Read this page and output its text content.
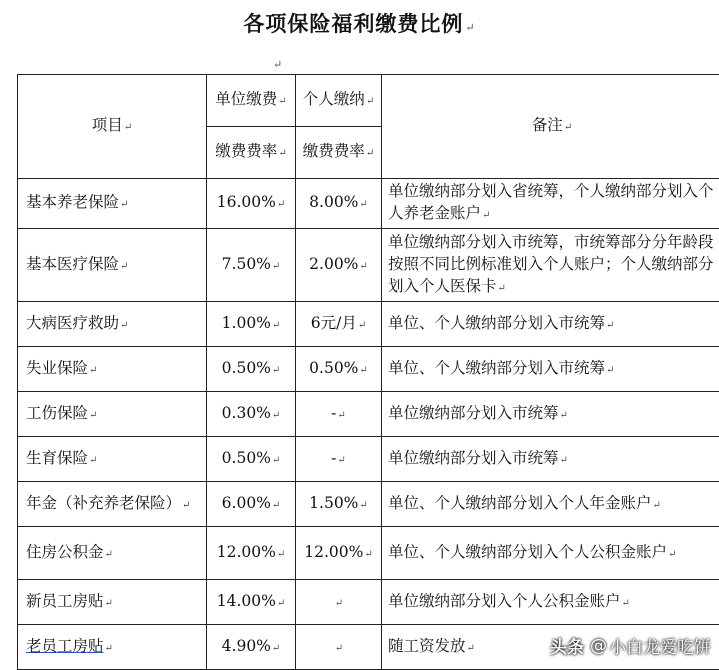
各项保险福利缴费比例 ↵
↵
项目↵	单位缴费↵	个人缴纳↵	备注↵
	缴费费率↵	缴费费率↵	
基本养老保险↵	16.00%↵	8.00%↵	单位缴纳部分划入省统筹，个人缴纳部分划入个人养老金账户↵
基本医疗保险↵	7.50%↵	2.00%↵	单位缴纳部分划入市统筹，市统筹部分分年龄段按照不同比例标准划入个人账户；个人缴纳部分划入个人医保卡↵
大病医疗救助↵	1.00%↵	6元/月↵	单位、个人缴纳部分划入市统筹↵
失业保险↵	0.50%↵	0.50%↵	单位、个人缴纳部分划入市统筹↵
工伤保险↵	0.30%↵	-↵	单位缴纳部分划入市统筹↵
生育保险↵	0.50%↵	-↵	单位缴纳部分划入市统筹↵
年金（补充养老保险）↵	6.00%↵	1.50%↵	单位、个人缴纳部分划入个人年金账户↵
住房公积金↵	12.00%↵	12.00%↵	单位、个人缴纳部分划入个人公积金账户↵
新员工房贴↵	14.00%↵	↵	单位缴纳部分划入个人公积金账户↵
老员工房贴↵	4.90%↵	↵	随工资发放↵	头条 @ 小白龙爱吃饼
